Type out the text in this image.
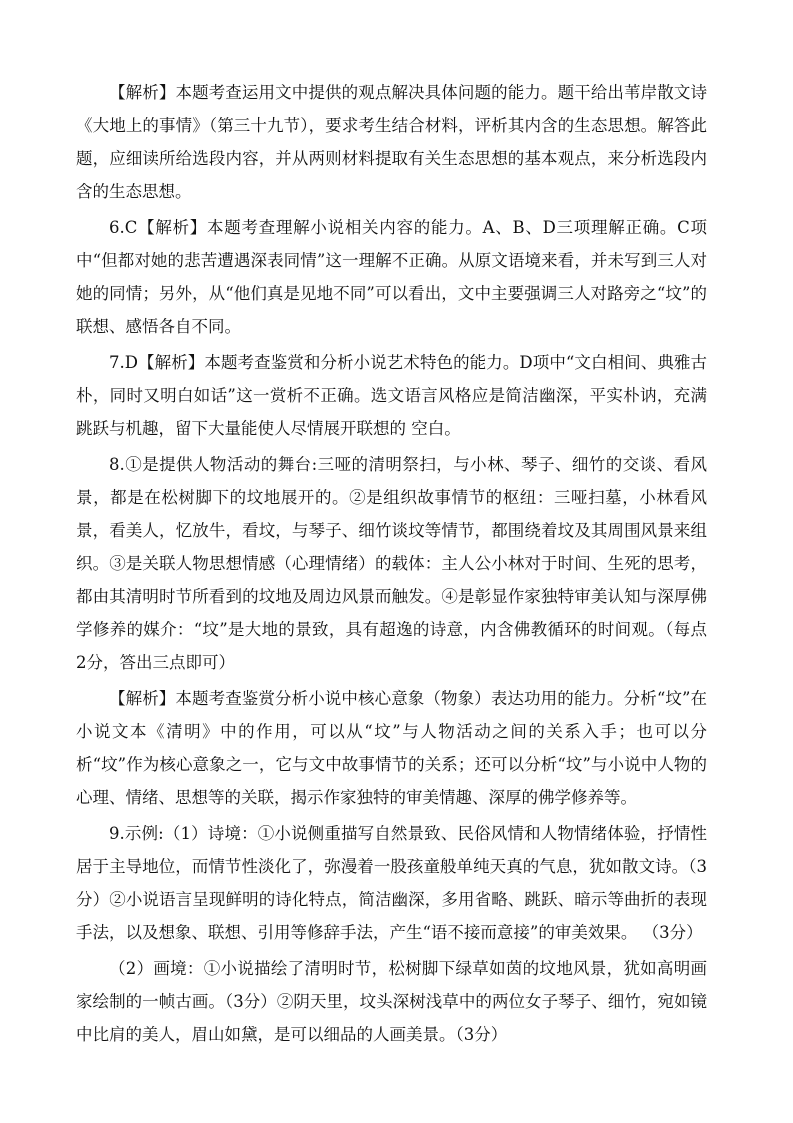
【解析】本题考查运用文中提供的观点解决具体问题的能力。题干给出苇岸散文诗《大地上的事情》（第三十九节），要求考生结合材料，评析其内含的生态思想。解答此题，应细读所给选段内容，并从两则材料提取有关生态思想的基本观点，来分析选段内含的生态思想。

6.C【解析】本题考查理解小说相关内容的能力。A、B、D三项理解正确。C项中“但都对她的悲苦遭遇深表同情”这一理解不正确。从原文语境来看，并未写到三人对她的同情；另外，从“他们真是见地不同”可以看出，文中主要强调三人对路旁之“坟”的联想、感悟各自不同。

7.D【解析】本题考查鉴赏和分析小说艺术特色的能力。D项中“文白相间、典雅古朴，同时又明白如话”这一赏析不正确。选文语言风格应是简洁幽深，平实朴讷，充满跳跃与机趣，留下大量能使人尽情展开联想的 空白。

8.①是提供人物活动的舞台:三哑的清明祭扫，与小林、琴子、细竹的交谈、看风景，都是在松树脚下的坟地展开的。②是组织故事情节的枢纽：三哑扫墓，小林看风景，看美人，忆放牛，看坟，与琴子、细竹谈坟等情节，都围绕着坟及其周围风景来组织。③是关联人物思想情感（心理情绪）的载体：主人公小林对于时间、生死的思考，都由其清明时节所看到的坟地及周边风景而触发。④是彰显作家独特审美认知与深厚佛学修养的媒介：“坟”是大地的景致，具有超逸的诗意，内含佛教循环的时间观。（每点 2分，答出三点即可）

【解析】本题考查鉴赏分析小说中核心意象（物象）表达功用的能力。分析“坟”在小说文本《清明》中的作用，可以从“坟”与人物活动之间的关系入手；也可以分析“坟”作为核心意象之一，它与文中故事情节的关系；还可以分析“坟”与小说中人物的心理、情绪、思想等的关联，揭示作家独特的审美情趣、深厚的佛学修养等。

9.示例:（1）诗境：①小说侧重描写自然景致、民俗风情和人物情绪体验，抒情性居于主导地位，而情节性淡化了，弥漫着一股孩童般单纯天真的气息，犹如散文诗。（3分）②小说语言呈现鲜明的诗化特点，简洁幽深，多用省略、跳跃、暗示等曲折的表现手法，以及想象、联想、引用等修辞手法，产生“语不接而意接”的审美效果。 （3分）

（2）画境：①小说描绘了清明时节，松树脚下绿草如茵的坟地风景，犹如高明画家绘制的一帧古画。（3分）②阴天里，坟头深树浅草中的两位女子琴子、细竹，宛如镜中比肩的美人，眉山如黛，是可以细品的人画美景。（3分）
